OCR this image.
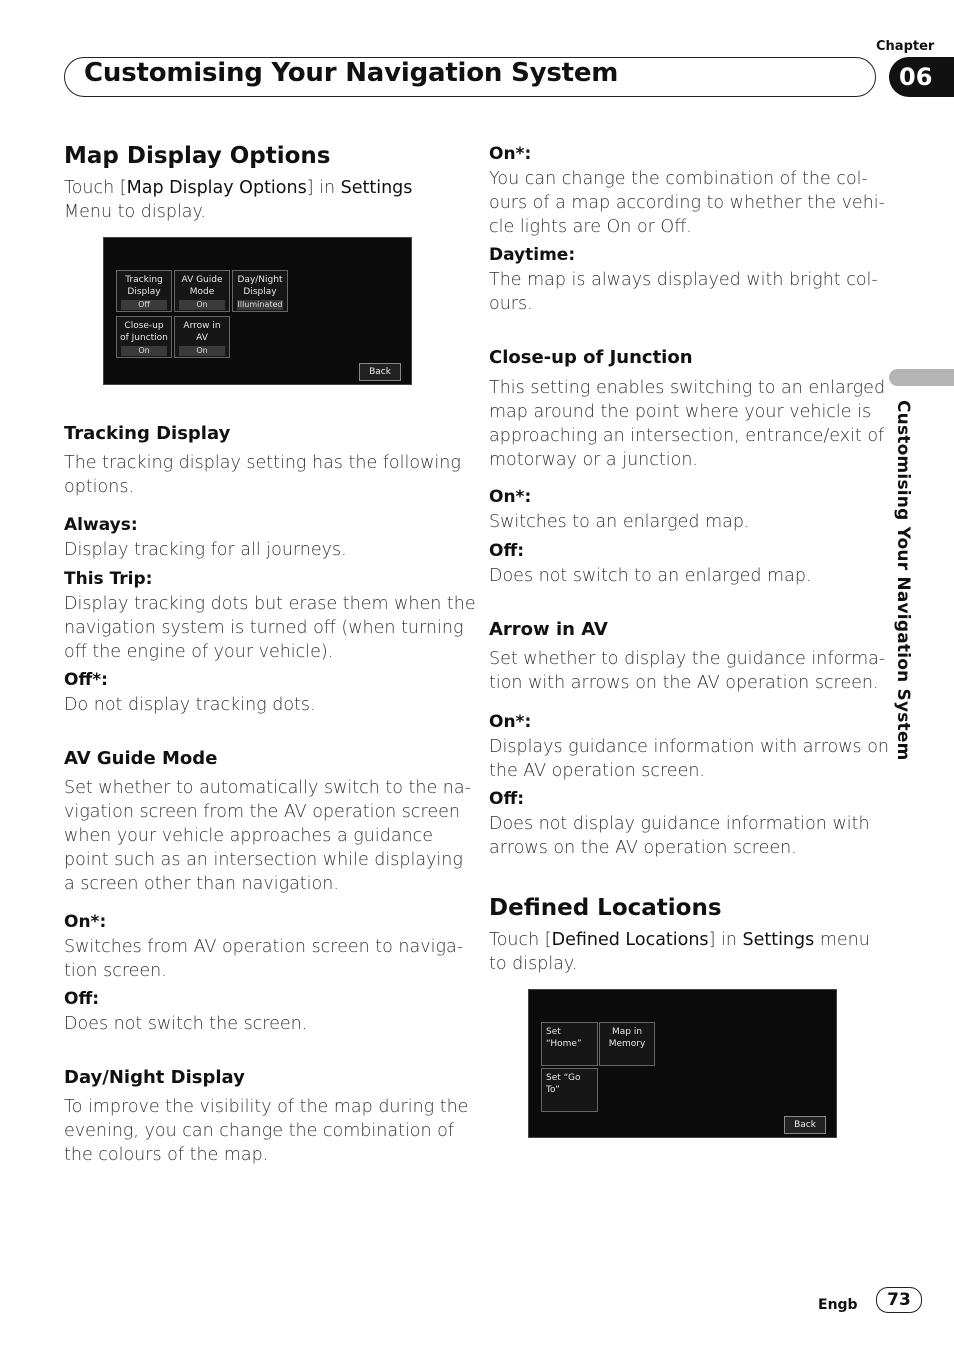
Customising Your Navigation System
Chapter
06
Customising Your Navigation System
Map Display Options
Touch [Map Display Options] in Settings
Menu to display.
Tracking
Display
Off
AV Guide
Mode
On
Day/Night
Display
Illuminated
Close-up
of Junction
On
Arrow in
AV
On
Back
Tracking Display
The tracking display setting has the following
options.
Always:
Display tracking for all journeys.
This Trip:
Display tracking dots but erase them when the
navigation system is turned off (when turning
off the engine of your vehicle).
Off*:
Do not display tracking dots.
AV Guide Mode
Set whether to automatically switch to the na-
vigation screen from the AV operation screen
when your vehicle approaches a guidance
point such as an intersection while displaying
a screen other than navigation.
On*:
Switches from AV operation screen to naviga-
tion screen.
Off:
Does not switch the screen.
Day/Night Display
To improve the visibility of the map during the
evening, you can change the combination of
the colours of the map.
On*:
You can change the combination of the col-
ours of a map according to whether the vehi-
cle lights are On or Off.
Daytime:
The map is always displayed with bright col-
ours.
Close-up of Junction
This setting enables switching to an enlarged
map around the point where your vehicle is
approaching an intersection, entrance/exit of
motorway or a junction.
On*:
Switches to an enlarged map.
Off:
Does not switch to an enlarged map.
Arrow in AV
Set whether to display the guidance informa-
tion with arrows on the AV operation screen.
On*:
Displays guidance information with arrows on
the AV operation screen.
Off:
Does not display guidance information with
arrows on the AV operation screen.
Defined Locations
Touch [Defined Locations] in Settings menu
to display.
Set “Home”
Map in
Memory
Set “Go To”
Back
Engb	73
